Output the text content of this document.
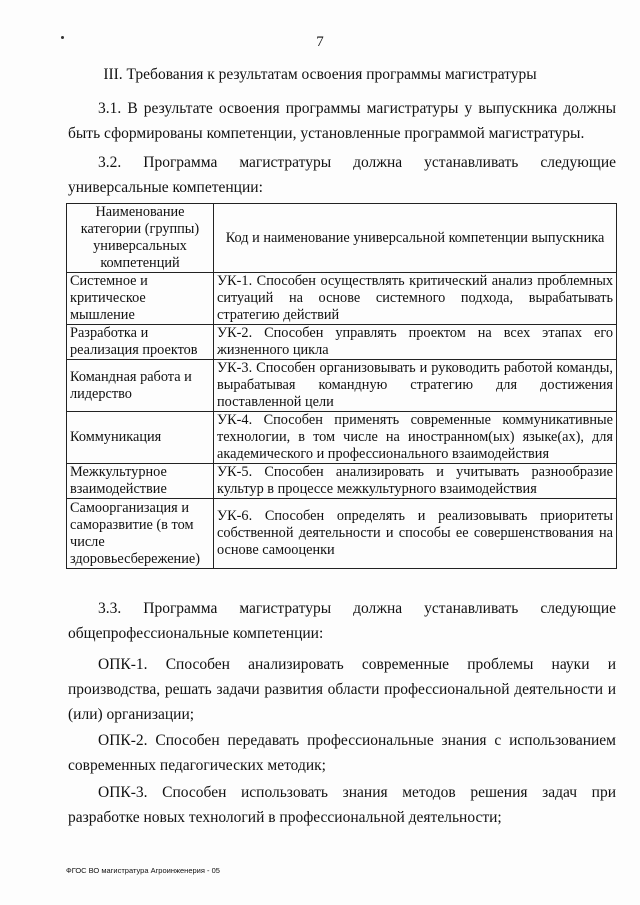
7
III. Требования к результатам освоения программы магистратуры
3.1. В результате освоения программы магистратуры у выпускника должны быть сформированы компетенции, установленные программой магистратуры.
3.2. Программа магистратуры должна устанавливать следующие универсальные компетенции:
Наименование категории (группы) универсальных компетенций	Код и наименование универсальной компетенции выпускника
Системное и критическое мышление	УК-1. Способен осуществлять критический анализ проблемных ситуаций на основе системного подхода, вырабатывать стратегию действий
Разработка и реализация проектов	УК-2. Способен управлять проектом на всех этапах его жизненного цикла
Командная работа и лидерство	УК-3. Способен организовывать и руководить работой команды, вырабатывая командную стратегию для достижения поставленной цели
Коммуникация	УК-4. Способен применять современные коммуникативные технологии, в том числе на иностранном(ых) языке(ах), для академического и профессионального взаимодействия
Межкультурное взаимодействие	УК-5. Способен анализировать и учитывать разнообразие культур в процессе межкультурного взаимодействия
Самоорганизация и саморазвитие (в том числе здоровьесбережение)	УК-6. Способен определять и реализовывать приоритеты собственной деятельности и способы ее совершенствования на основе самооценки
3.3. Программа магистратуры должна устанавливать следующие общепрофессиональные компетенции:
ОПК-1. Способен анализировать современные проблемы науки и производства, решать задачи развития области профессиональной деятельности и (или) организации;
ОПК-2. Способен передавать профессиональные знания с использованием современных педагогических методик;
ОПК-3. Способен использовать знания методов решения задач при разработке новых технологий в профессиональной деятельности;
ФГОС ВО магистратура Агроинженерия - 05
